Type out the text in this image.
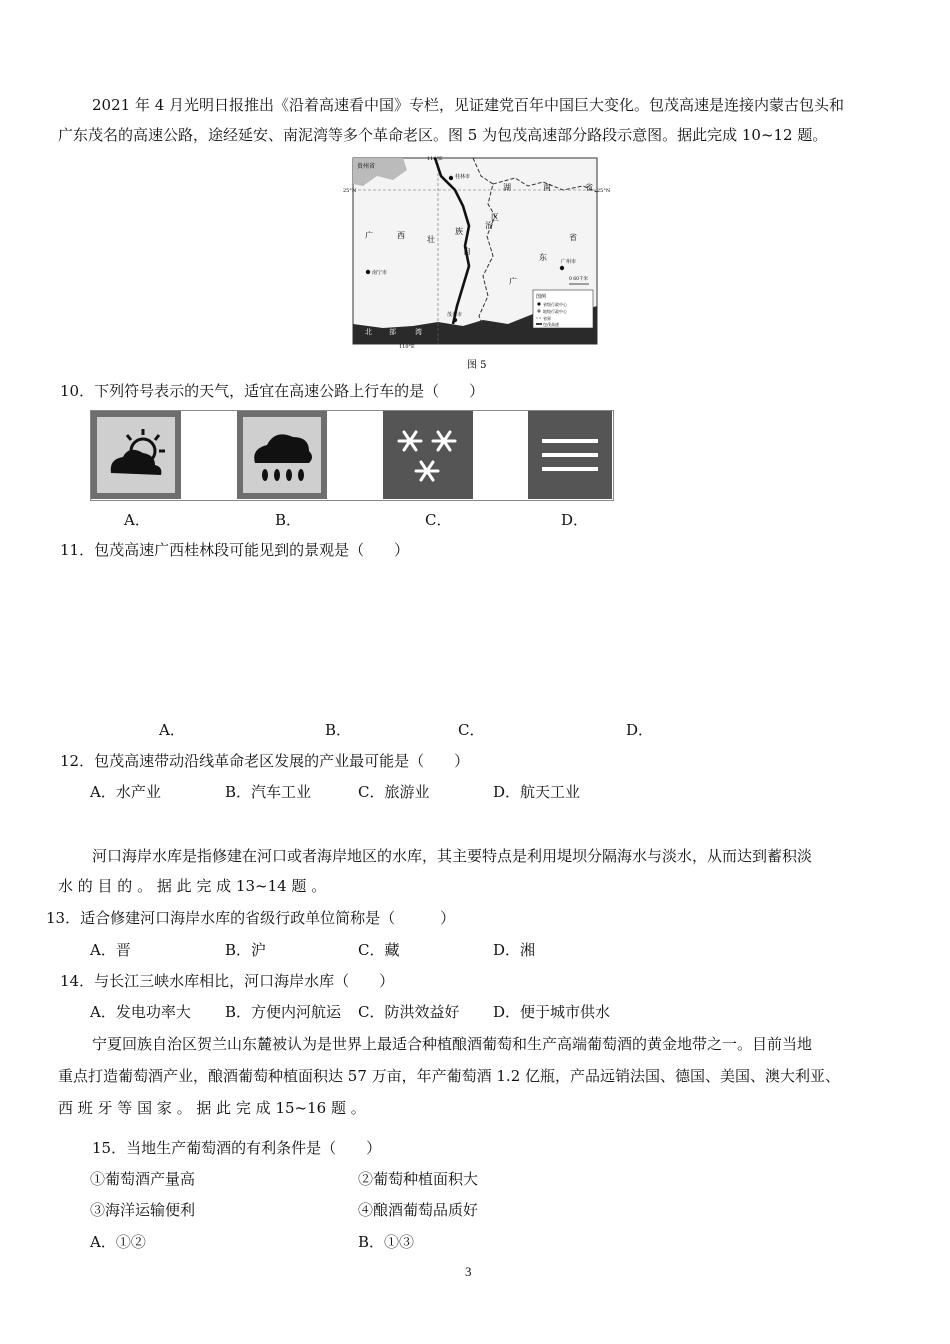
2021 年 4 月光明日报推出《沿着高速看中国》专栏，见证建党百年中国巨大变化。包茂高速是连接内蒙古包头和
广东茂名的高速公路，途经延安、南泥湾等多个革命老区。图 5 为包茂高速部分路段示意图。据此完成 10~12 题。
110°E
110°E
25°N	25°N
贵州省
湖	南	省
广	西	壮
族
自
治
区
广
东
省
桂林市
南宁市
广州市
茂名市
北 部	湾
0 60千米
图例
省级行政中心
地级行政中心
省界
包茂高速
图 5
10．下列符号表示的天气，适宜在高速公路上行车的是（　　）
A．	B．	C．	D．
11．包茂高速广西桂林段可能见到的景观是（　　）
A．	B．	C．	D．
12．包茂高速带动沿线革命老区发展的产业最可能是（　　）
A．水产业	B．汽车工业	C．旅游业	D．航天工业
河口海岸水库是指修建在河口或者海岸地区的水库，其主要特点是利用堤坝分隔海水与淡水，从而达到蓄积淡
水 的 目 的 。 据 此 完 成 13~14 题 。
13．适合修建河口海岸水库的省级行政单位简称是（　　　）
A．晋	B．沪	C．藏	D．湘
14．与长江三峡水库相比，河口海岸水库（　　）
A．发电功率大 B．方便内河航运 C．防洪效益好 D．便于城市供水
宁夏回族自治区贺兰山东麓被认为是世界上最适合种植酿酒葡萄和生产高端葡萄酒的黄金地带之一。目前当地
重点打造葡萄酒产业，酿酒葡萄种植面积达 57 万亩，年产葡萄酒 1.2 亿瓶，产品远销法国、德国、美国、澳大利亚、
西 班 牙 等 国 家 。 据 此 完 成 15~16 题 。
15．当地生产葡萄酒的有利条件是（　　）
①葡萄酒产量高	②葡萄种植面积大
③海洋运输便利	④酿酒葡萄品质好
A．①②	B．①③
3
